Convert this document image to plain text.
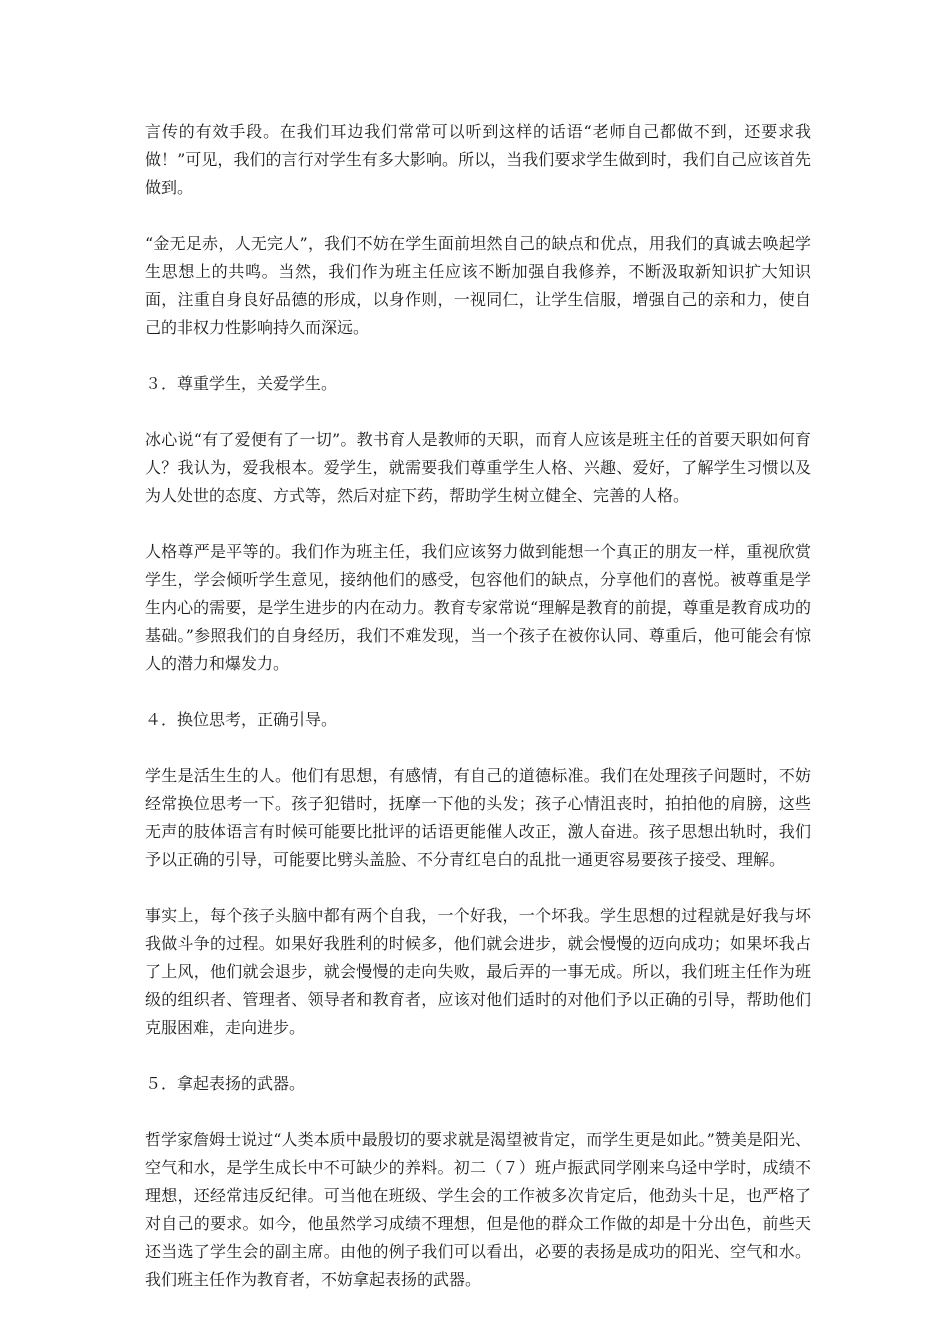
言传的有效手段。在我们耳边我们常常可以听到这样的话语“老师自己都做不到，还要求我做！”可见，我们的言行对学生有多大影响。所以，当我们要求学生做到时，我们自己应该首先做到。

“金无足赤，人无完人”，我们不妨在学生面前坦然自己的缺点和优点，用我们的真诚去唤起学生思想上的共鸣。当然，我们作为班主任应该不断加强自我修养，不断汲取新知识扩大知识面，注重自身良好品德的形成，以身作则，一视同仁，让学生信服，增强自己的亲和力，使自己的非权力性影响持久而深远。

３．尊重学生，关爱学生。

冰心说“有了爱便有了一切”。教书育人是教师的天职，而育人应该是班主任的首要天职如何育人？我认为，爱我根本。爱学生，就需要我们尊重学生人格、兴趣、爱好，了解学生习惯以及为人处世的态度、方式等，然后对症下药，帮助学生树立健全、完善的人格。

人格尊严是平等的。我们作为班主任，我们应该努力做到能想一个真正的朋友一样，重视欣赏学生，学会倾听学生意见，接纳他们的感受，包容他们的缺点，分享他们的喜悦。被尊重是学生内心的需要，是学生进步的内在动力。教育专家常说“理解是教育的前提，尊重是教育成功的基础。”参照我们的自身经历，我们不难发现，当一个孩子在被你认同、尊重后，他可能会有惊人的潜力和爆发力。

４．换位思考，正确引导。

学生是活生生的人。他们有思想，有感情，有自己的道德标准。我们在处理孩子问题时，不妨经常换位思考一下。孩子犯错时，抚摩一下他的头发；孩子心情沮丧时，拍拍他的肩膀，这些无声的肢体语言有时候可能要比批评的话语更能催人改正，激人奋进。孩子思想出轨时，我们予以正确的引导，可能要比劈头盖脸、不分青红皂白的乱批一通更容易要孩子接受、理解。

事实上，每个孩子头脑中都有两个自我，一个好我，一个坏我。学生思想的过程就是好我与坏我做斗争的过程。如果好我胜利的时候多，他们就会进步，就会慢慢的迈向成功；如果坏我占了上风，他们就会退步，就会慢慢的走向失败，最后弄的一事无成。所以，我们班主任作为班级的组织者、管理者、领导者和教育者，应该对他们适时的对他们予以正确的引导，帮助他们克服困难，走向进步。

５．拿起表扬的武器。

哲学家詹姆士说过“人类本质中最殷切的要求就是渴望被肯定，而学生更是如此。”赞美是阳光、空气和水，是学生成长中不可缺少的养料。初二（７）班卢振武同学刚来乌迳中学时，成绩不理想，还经常违反纪律。可当他在班级、学生会的工作被多次肯定后，他劲头十足，也严格了对自己的要求。如今，他虽然学习成绩不理想，但是他的群众工作做的却是十分出色，前些天还当选了学生会的副主席。由他的例子我们可以看出，必要的表扬是成功的阳光、空气和水。我们班主任作为教育者，不妨拿起表扬的武器。
